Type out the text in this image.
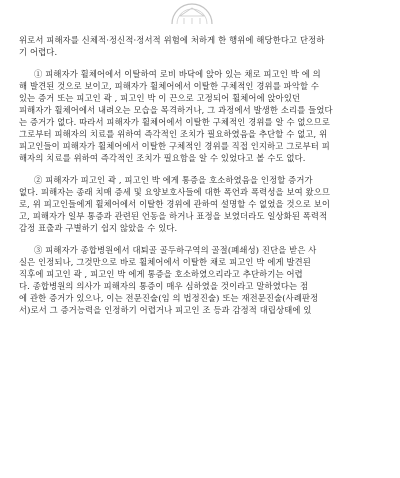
위로서 피해자를 신체적·정신적·정서적 위험에 처하게 한 행위에 해당한다고 단정하

기 어렵다.

① 피해자가 휠체어에서 이탈하여 로비 바닥에 앉아 있는 채로 피고인 박 에 의

해 발견된 것으로 보이고, 피해자가 휠체어에서 이탈한 구체적인 경위를 파악할 수

있는 증거 또는 피고인 곽 , 피고인 박 이 끈으로 고정되어 휠체어에 앉아있던

피해자가 휠체어에서 내려오는 모습을 목격하거나, 그 과정에서 발생한 소리를 들었다

는 증거가 없다. 따라서 피해자가 휠체어에서 이탈한 구체적인 경위를 알 수 없으므로

그로부터 피해자의 치료를 위하여 즉각적인 조치가 필요하였음을 추단할 수 없고, 위

피고인들이 피해자가 휠체어에서 이탈한 구체적인 경위를 직접 인지하고 그로부터 피

해자의 치료를 위하여 즉각적인 조치가 필요함을 알 수 있었다고 볼 수도 없다.

② 피해자가 피고인 곽 , 피고인 박 에게 통증을 호소하였음을 인정할 증거가

없다. 피해자는 종래 치매 증세 및 요양보호사들에 대한 폭언과 폭력성을 보여 왔으므

로, 위 피고인들에게 휠체어에서 이탈한 경위에 관하여 설명할 수 없었을 것으로 보이

고, 피해자가 일부 통증과 관련된 언동을 하거나 표정을 보였더라도 일상화된 폭력적

감정 표출과 구별하기 쉽지 않았을 수 있다.

③ 피해자가 종합병원에서 대퇴골 골두하구역의 골절(폐쇄성) 진단을 받은 사

실은 인정되나, 그것만으로 바로 휠체어에서 이탈한 채로 피고인 박 에게 발견된

직후에 피고인 곽 , 피고인 박 에게 통증을 호소하였으리라고 추단하기는 어렵

다. 종합병원의 의사가 피해자의 통증이 매우 심하였을 것이라고 말하였다는 점

에 관한 증거가 있으나, 이는 전문진술(임 의 법정진술) 또는 재전문진술(사례판정

서)로서 그 증거능력을 인정하기 어렵거나 피고인 조 등과 감정적 대립상태에 있
